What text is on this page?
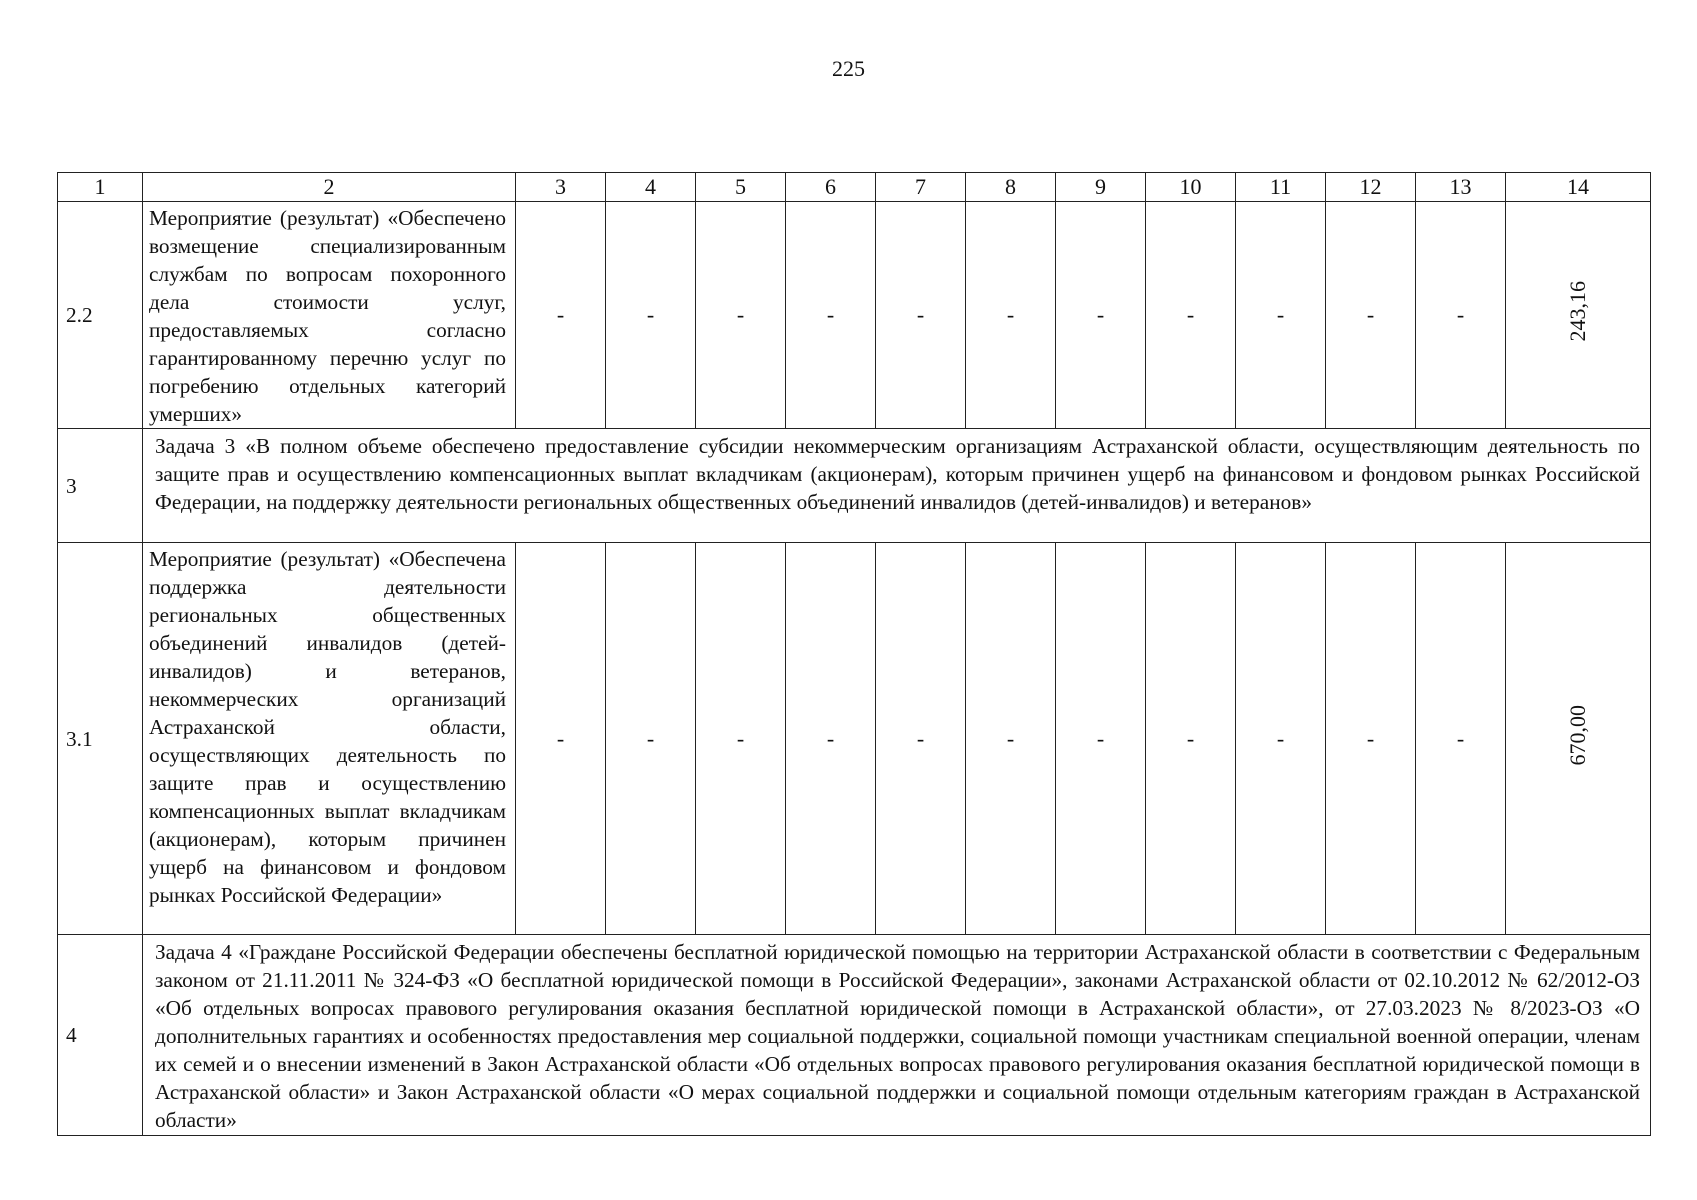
225
1	2	3	4	5	6	7	8	9	10	11	12	13	14
2.2	Мероприятие (результат) «Обеспечено возмещение специализированным службам по вопросам похоронного дела стоимости услуг, предоставляемых согласно гарантированному перечню услуг по погребению отдельных категорий умерших»	-	-	-	-	-	-	-	-	-	-	-	243,16
3	Задача 3 «В полном объеме обеспечено предоставление субсидии некоммерческим организациям Астраханской области, осуществляющим деятельность по защите прав и осуществлению компенсационных выплат вкладчикам (акционерам), которым причинен ущерб на финансовом и фондовом рынках Российской Федерации, на поддержку деятельности региональных общественных объединений инвалидов (детей-инвалидов) и ветеранов»												
3.1	Мероприятие (результат) «Обеспечена поддержка деятельности региональных общественных объединений инвалидов (детей-инвалидов) и ветеранов, некоммерческих организаций Астраханской области, осуществляющих деятельность по защите прав и осуществлению компенсационных выплат вкладчикам (акционерам), которым причинен ущерб на финансовом и фондовом рынках Российской Федерации»	-	-	-	-	-	-	-	-	-	-	-	670,00
4	Задача 4 «Граждане Российской Федерации обеспечены бесплатной юридической помощью на территории Астраханской области в соответствии с Федеральным законом от 21.11.2011 № 324-ФЗ «О бесплатной юридической помощи в Российской Федерации», законами Астраханской области от 02.10.2012 № 62/2012-ОЗ «Об отдельных вопросах правового регулирования оказания бесплатной юридической помощи в Астраханской области», от 27.03.2023 № 8/2023-ОЗ «О дополнительных гарантиях и особенностях предоставления мер социальной поддержки, социальной помощи участникам специальной военной операции, членам их семей и о внесении изменений в Закон Астраханской области «Об отдельных вопросах правового регулирования оказания бесплатной юридической помощи в Астраханской области» и Закон Астраханской области «О мерах социальной поддержки и социальной помощи отдельным категориям граждан в Астраханской области»												
